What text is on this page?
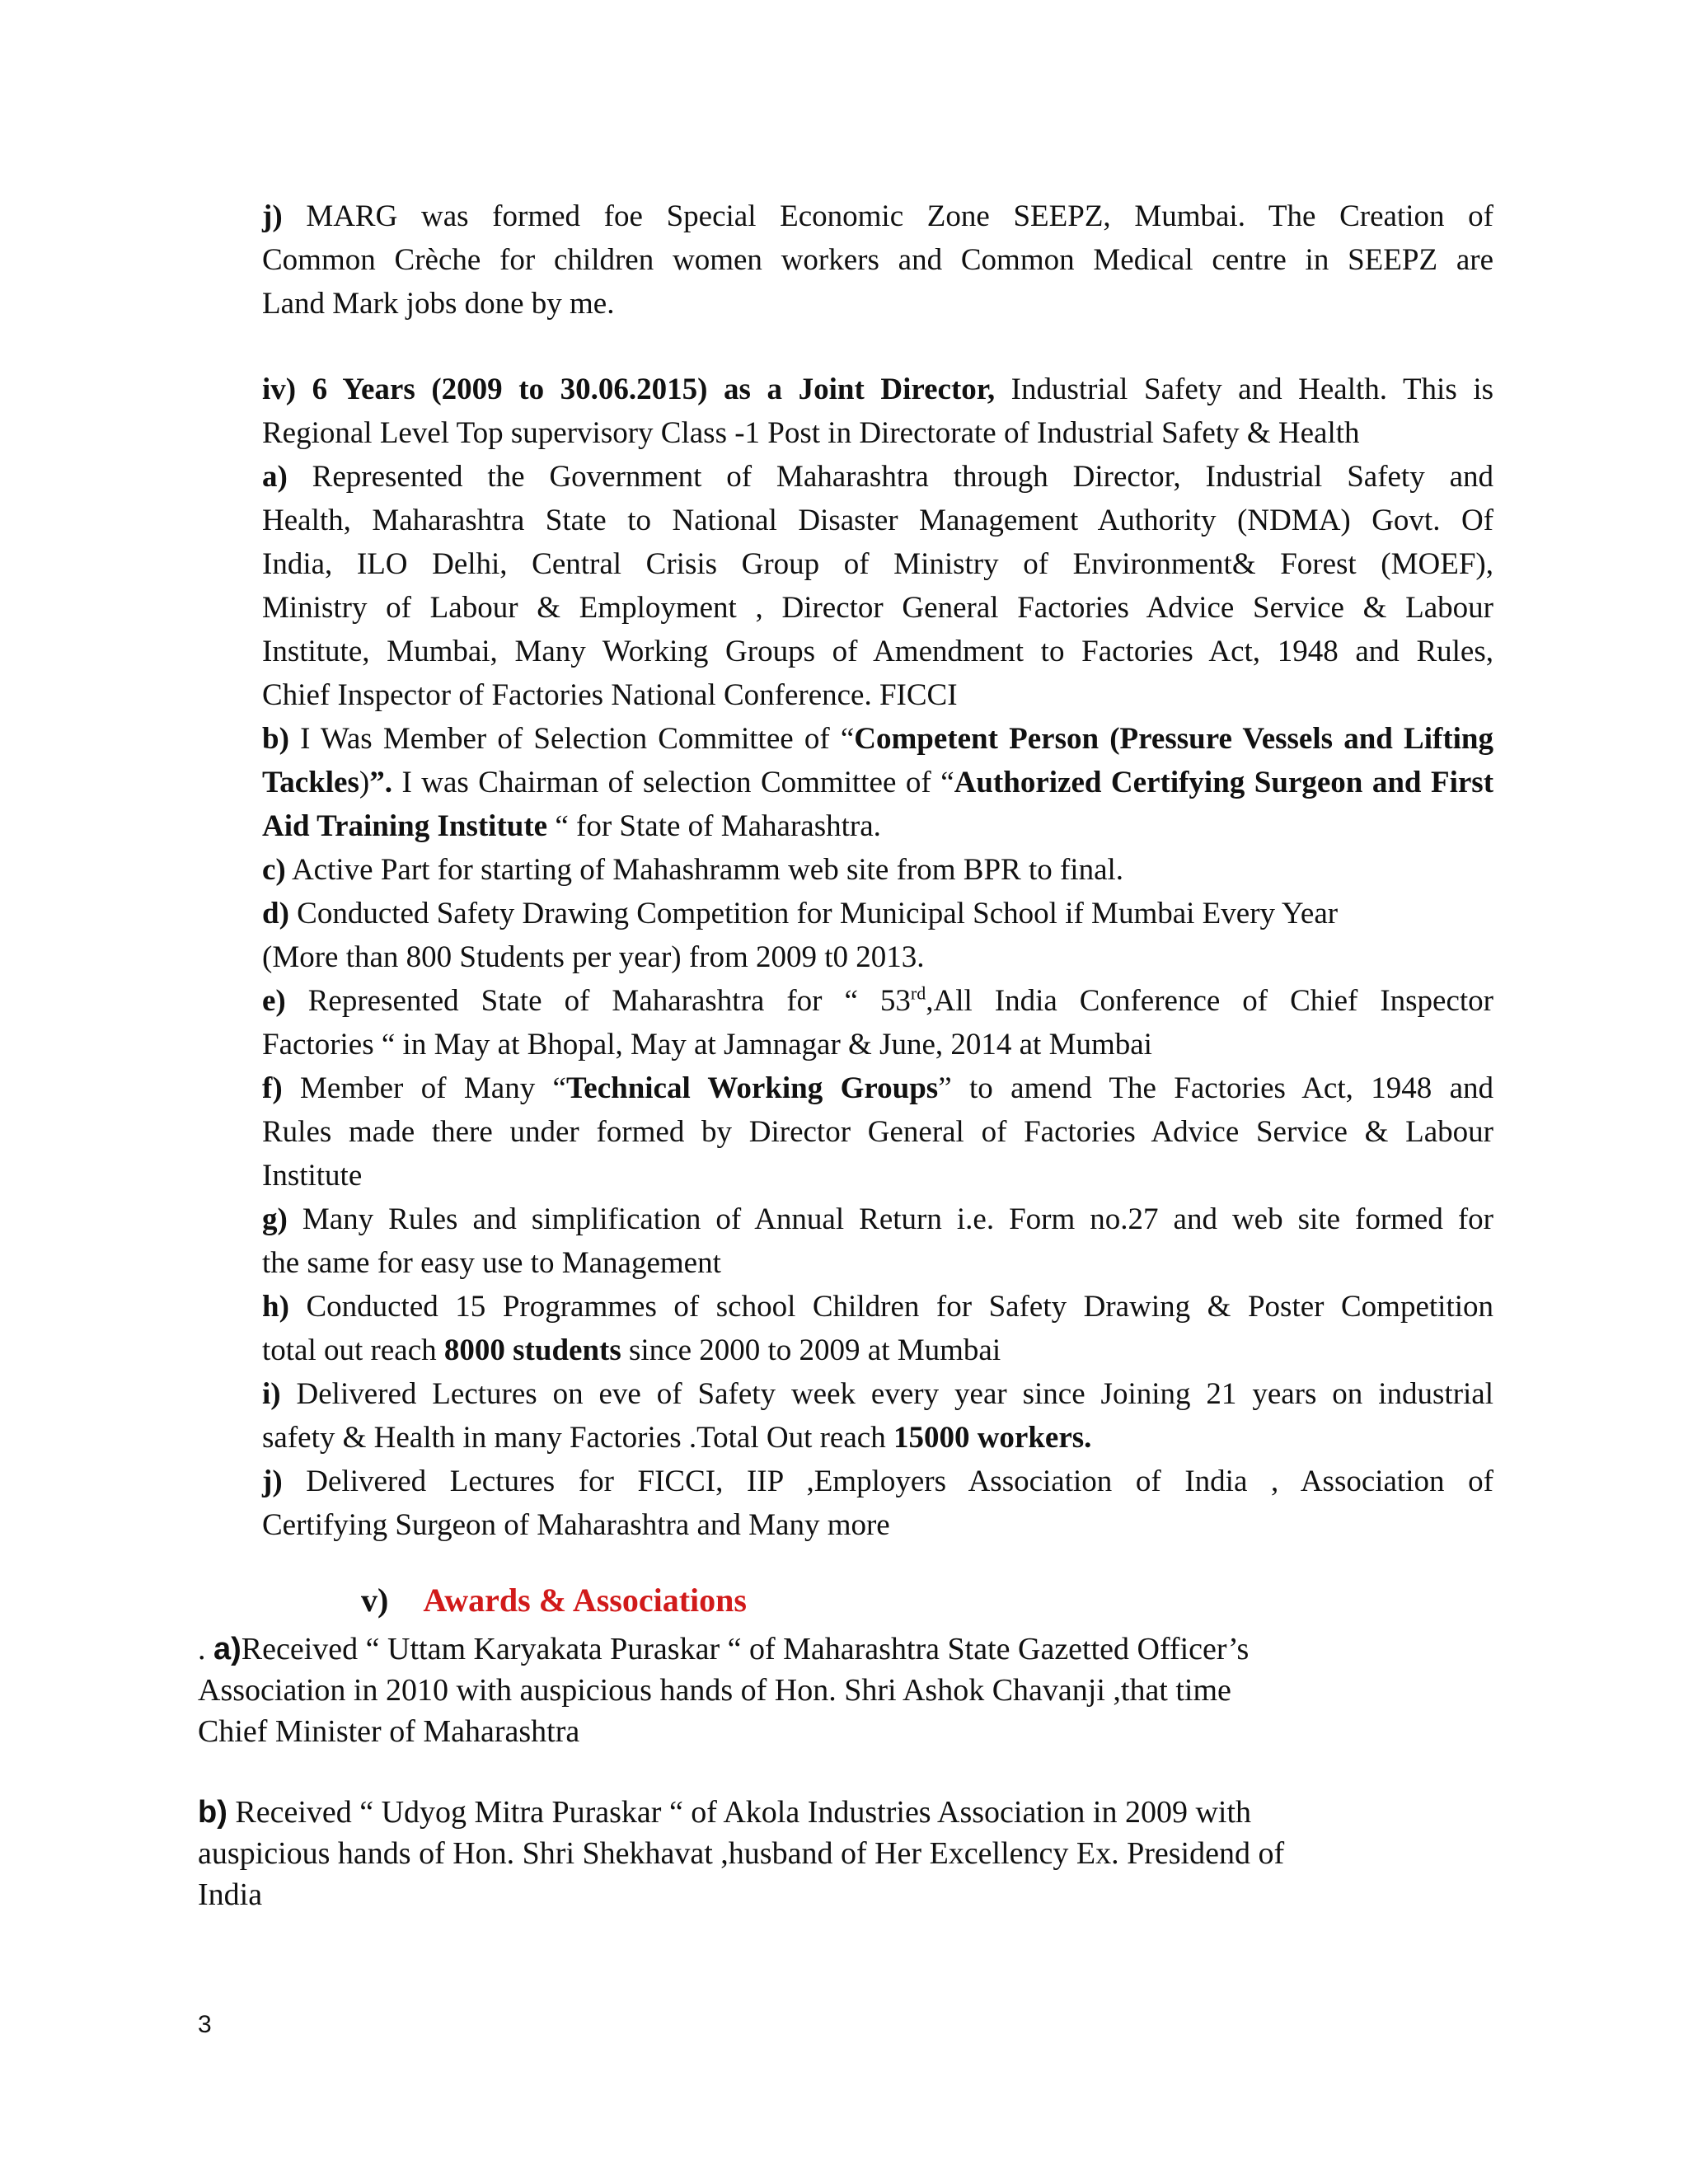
j) MARG was formed foe Special Economic Zone SEEPZ, Mumbai. The Creation of

Common Crèche for children women workers and Common Medical centre in SEEPZ are

Land Mark jobs done by me.

iv) 6 Years (2009 to 30.06.2015) as a Joint Director, Industrial Safety and Health. This is

Regional Level Top supervisory Class -1 Post in Directorate of Industrial Safety & Health

a) Represented the Government of Maharashtra through Director, Industrial Safety and

Health, Maharashtra State to National Disaster Management Authority (NDMA) Govt. Of

India, ILO Delhi, Central Crisis Group of Ministry of Environment& Forest (MOEF),

Ministry of Labour & Employment , Director General Factories Advice Service & Labour

Institute, Mumbai, Many Working Groups of Amendment to Factories Act, 1948 and Rules,

Chief Inspector of Factories National Conference. FICCI

b) I Was Member of Selection Committee of “Competent Person (Pressure Vessels and Lifting Tackles)”. I was Chairman of selection Committee of “Authorized Certifying Surgeon and First Aid Training Institute “ for State of Maharashtra.

c) Active Part for starting of Mahashramm web site from BPR to final.

d) Conducted Safety Drawing Competition for Municipal School if Mumbai Every Year

(More than 800 Students per year) from 2009 t0 2013.

e) Represented State of Maharashtra for “ 53rd,All India Conference of Chief Inspector

Factories “ in May at Bhopal, May at Jamnagar & June, 2014 at Mumbai

f) Member of Many “Technical Working Groups” to amend The Factories Act, 1948 and

Rules made there under formed by Director General of Factories Advice Service & Labour

Institute

g) Many Rules and simplification of Annual Return i.e. Form no.27 and web site formed for

the same for easy use to Management

h) Conducted 15 Programmes of school Children for Safety Drawing & Poster Competition

total out reach 8000 students since 2000 to 2009 at Mumbai

i) Delivered Lectures on eve of Safety week every year since Joining 21 years on industrial

safety & Health in many Factories .Total Out reach 15000 workers.

j) Delivered Lectures for FICCI, IIP ,Employers Association of India , Association of

Certifying Surgeon of Maharashtra and Many more

v) Awards & Associations

. a)Received “ Uttam Karyakata Puraskar “ of Maharashtra State Gazetted Officer’s

Association in 2010 with auspicious hands of Hon. Shri Ashok Chavanji ,that time

Chief Minister of Maharashtra

b) Received “ Udyog Mitra Puraskar “ of Akola Industries Association in 2009 with

auspicious hands of Hon. Shri Shekhavat ,husband of Her Excellency Ex. Presidend of

India

3
